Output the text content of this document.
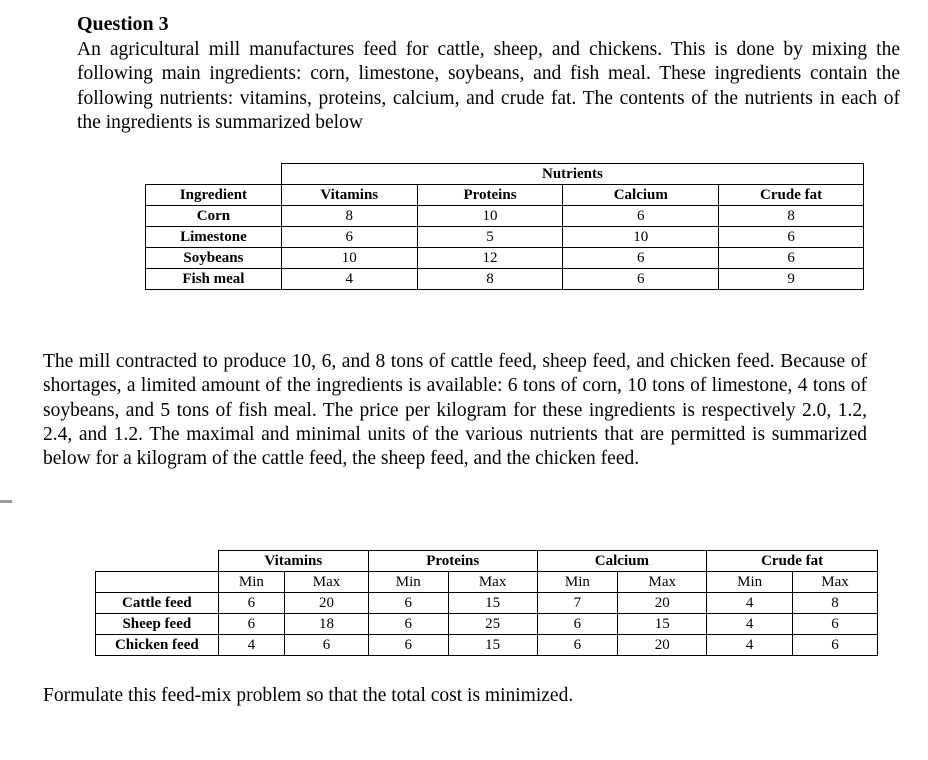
Question 3

An agricultural mill manufactures feed for cattle, sheep, and chickens. This is done by mixing the following main ingredients: corn, limestone, soybeans, and fish meal. These ingredients contain the following nutrients: vitamins, proteins, calcium, and crude fat. The contents of the nutrients in each of the ingredients is summarized below

	Nutrients			
Ingredient	Vitamins	Proteins	Calcium	Crude fat
Corn	8	10	6	8
Limestone	6	5	10	6
Soybeans	10	12	6	6
Fish meal	4	8	6	9

The mill contracted to produce 10, 6, and 8 tons of cattle feed, sheep feed, and chicken feed. Because of shortages, a limited amount of the ingredients is available: 6 tons of corn, 10 tons of limestone, 4 tons of soybeans, and 5 tons of fish meal. The price per kilogram for these ingredients is respectively 2.0, 1.2, 2.4, and 1.2. The maximal and minimal units of the various nutrients that are permitted is summarized below for a kilogram of the cattle feed, the sheep feed, and the chicken feed.

	Vitamins		Proteins		Calcium		Crude fat	
	Min	Max	Min	Max	Min	Max	Min	Max
Cattle feed	6	20	6	15	7	20	4	8
Sheep feed	6	18	6	25	6	15	4	6
Chicken feed	4	6	6	15	6	20	4	6

Formulate this feed-mix problem so that the total cost is minimized.
